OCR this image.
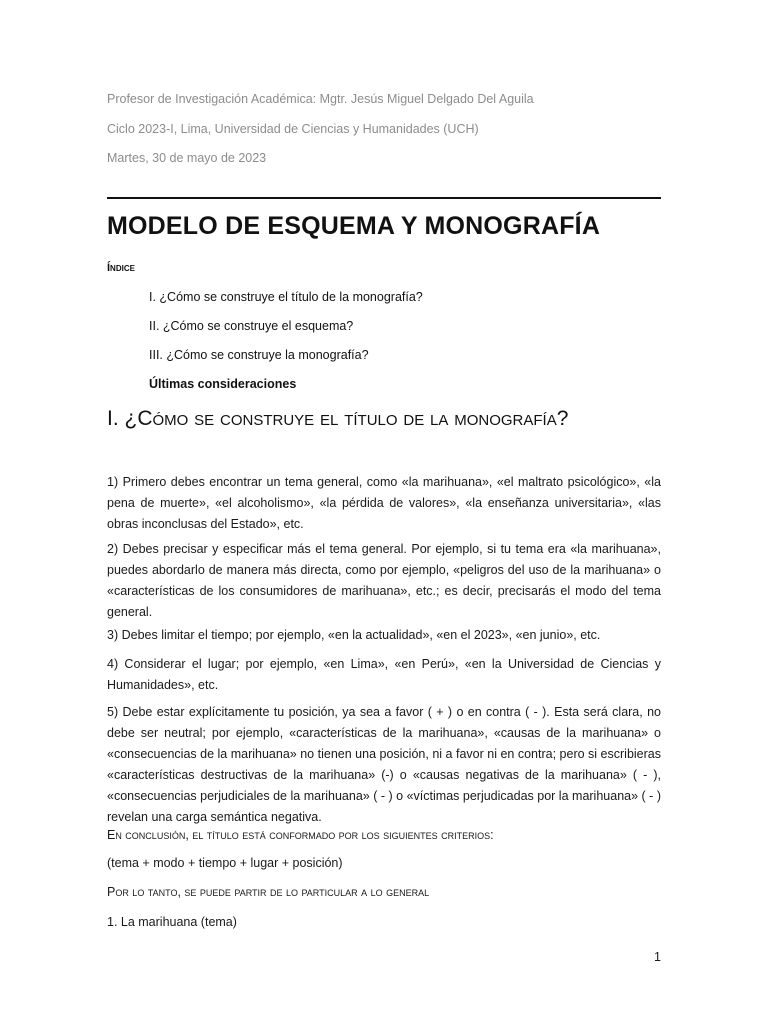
Profesor de Investigación Académica: Mgtr. Jesús Miguel Delgado Del Aguila
Ciclo 2023-I, Lima, Universidad de Ciencias y Humanidades (UCH)
Martes, 30 de mayo de 2023
MODELO DE ESQUEMA Y MONOGRAFÍA
Índice
I. ¿Cómo se construye el título de la monografía?
II. ¿Cómo se construye el esquema?
III. ¿Cómo se construye la monografía?
Últimas consideraciones
I. ¿Cómo se construye el título de la monografía?

1) Primero debes encontrar un tema general, como «la marihuana», «el maltrato psicológico», «la pena de muerte», «el alcoholismo», «la pérdida de valores», «la enseñanza universitaria», «las obras inconclusas del Estado», etc.

2) Debes precisar y especificar más el tema general. Por ejemplo, si tu tema era «la marihuana», puedes abordarlo de manera más directa, como por ejemplo, «peligros del uso de la marihuana» o «características de los consumidores de marihuana», etc.; es decir, precisarás el modo del tema general.

3) Debes limitar el tiempo; por ejemplo, «en la actualidad», «en el 2023», «en junio», etc.

4) Considerar el lugar; por ejemplo, «en Lima», «en Perú», «en la Universidad de Ciencias y Humanidades», etc.

5) Debe estar explícitamente tu posición, ya sea a favor ( + ) o en contra ( - ). Esta será clara, no debe ser neutral; por ejemplo, «características de la marihuana», «causas de la marihuana» o «consecuencias de la marihuana» no tienen una posición, ni a favor ni en contra; pero si escribieras «características destructivas de la marihuana» (-) o «causas negativas de la marihuana» ( - ), «consecuencias perjudiciales de la marihuana» ( - ) o «víctimas perjudicadas por la marihuana» ( - ) revelan una carga semántica negativa.

En conclusión, el título está conformado por los siguientes criterios:

(tema + modo + tiempo + lugar + posición)

Por lo tanto, se puede partir de lo particular a lo general

1. La marihuana (tema)

1
